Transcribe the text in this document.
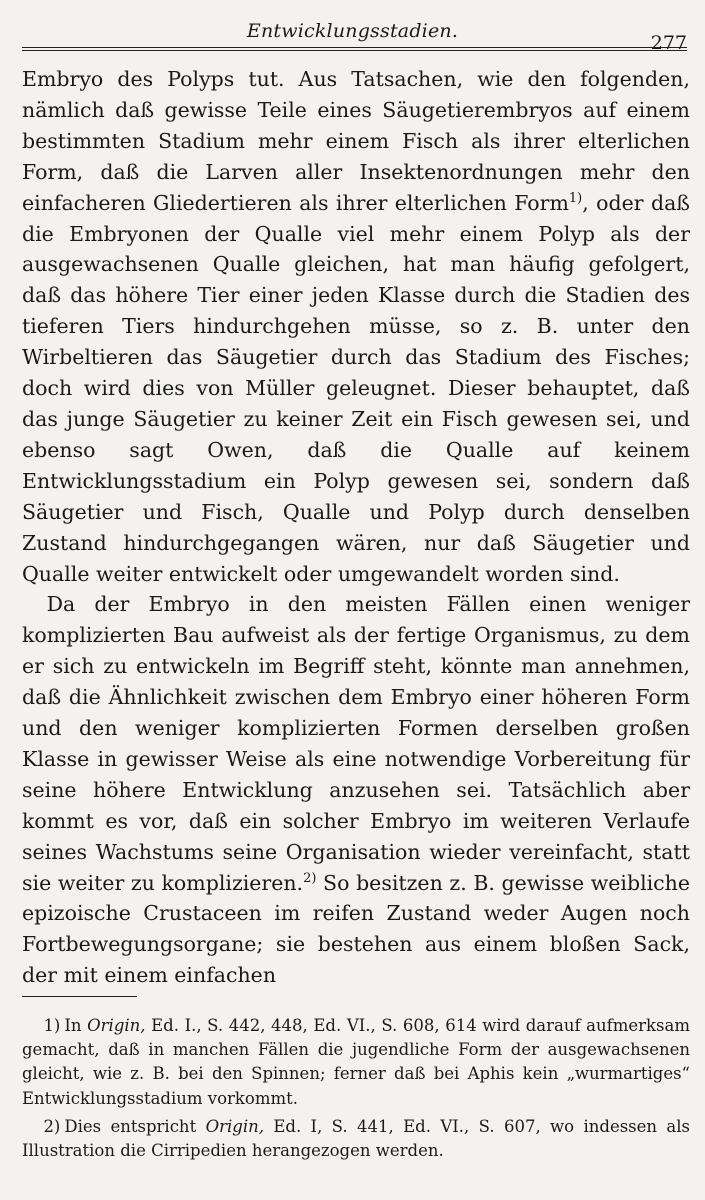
Entwicklungsstadien.
277

Embryo des Polyps tut. Aus Tatsachen, wie den folgenden, nämlich daß gewisse Teile eines Säugetierembryos auf einem bestimmten Stadium mehr einem Fisch als ihrer elterlichen Form, daß die Larven aller Insektenordnungen mehr den einfacheren Gliedertieren als ihrer elterlichen Form$^{1)}$, oder daß die Embryonen der Qualle viel mehr einem Polyp als der ausgewachsenen Qualle gleichen, hat man häufig gefolgert, daß das höhere Tier einer jeden Klasse durch die Stadien des tieferen Tiers hindurchgehen müsse, so z. B. unter den Wirbeltieren das Säugetier durch das Stadium des Fisches; doch wird dies von Müller geleugnet. Dieser behauptet, daß das junge Säugetier zu keiner Zeit ein Fisch gewesen sei, und ebenso sagt Owen, daß die Qualle auf keinem Entwicklungsstadium ein Polyp gewesen sei, sondern daß Säugetier und Fisch, Qualle und Polyp durch denselben Zustand hindurchgegangen wären, nur daß Säugetier und Qualle weiter entwickelt oder umgewandelt worden sind.

Da der Embryo in den meisten Fällen einen weniger komplizierten Bau aufweist als der fertige Organismus, zu dem er sich zu entwickeln im Begriff steht, könnte man annehmen, daß die Ähnlichkeit zwischen dem Embryo einer höheren Form und den weniger komplizierten Formen derselben großen Klasse in gewisser Weise als eine notwendige Vorbereitung für seine höhere Entwicklung anzusehen sei. Tatsächlich aber kommt es vor, daß ein solcher Embryo im weiteren Verlaufe seines Wachstums seine Organisation wieder vereinfacht, statt sie weiter zu komplizieren.$^{2)}$ So besitzen z. B. gewisse weibliche epizoische Crustaceen im reifen Zustand weder Augen noch Fortbewegungsorgane; sie bestehen aus einem bloßen Sack, der mit einem einfachen

1) In Origin, Ed. I., S. 442, 448, Ed. VI., S. 608, 614 wird darauf aufmerksam gemacht, daß in manchen Fällen die jugendliche Form der ausgewachsenen gleicht, wie z. B. bei den Spinnen; ferner daß bei Aphis kein „wurmartiges“ Entwicklungsstadium vorkommt.

2) Dies entspricht Origin, Ed. I, S. 441, Ed. VI., S. 607, wo indessen als Illustration die Cirripedien herangezogen werden.
